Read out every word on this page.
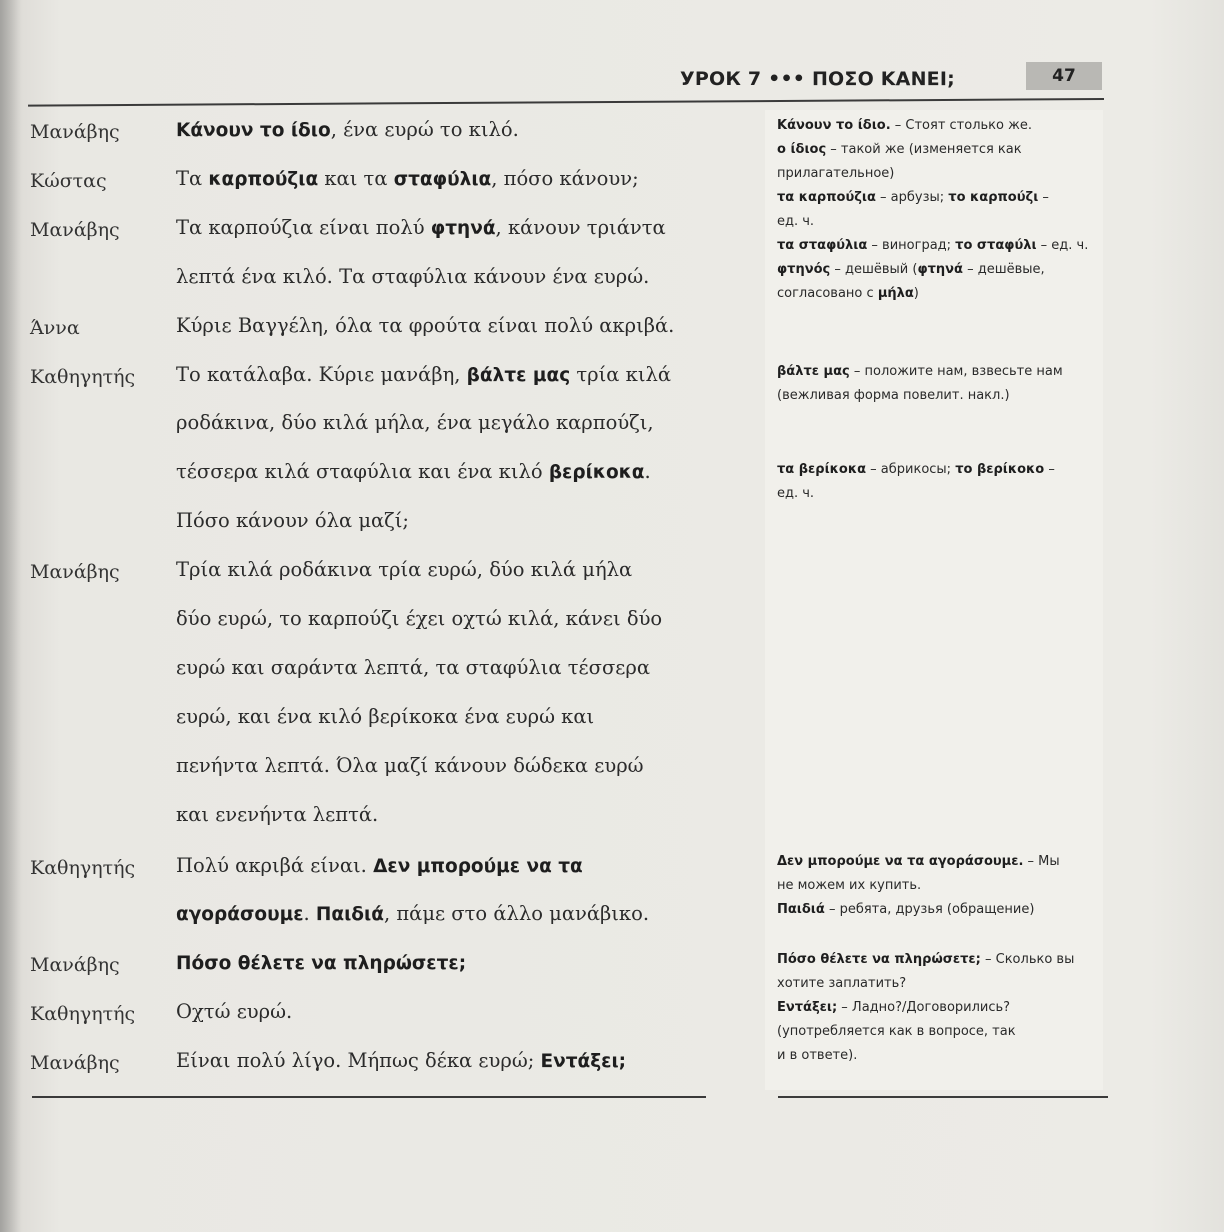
УРОК 7 ••• ΠΟΣΟ ΚΑΝΕΙ;	47
Μανάβης	Κάνουν το ίδιο, ένα ευρώ το κιλό.
Κώστας	Τα καρπούζια και τα σταφύλια, πόσο κάνουν;
Μανάβης	Τα καρπούζια είναι πολύ φτηνά, κάνουν τριάντα
λεπτά ένα κιλό. Τα σταφύλια κάνουν ένα ευρώ.
Άννα	Κύριε Βαγγέλη, όλα τα φρούτα είναι πολύ ακριβά.
Καθηγητής	Το κατάλαβα. Κύριε μανάβη, βάλτε μας τρία κιλά
ροδάκινα, δύο κιλά μήλα, ένα μεγάλο καρπούζι,
τέσσερα κιλά σταφύλια και ένα κιλό βερίκοκα.
Πόσο κάνουν όλα μαζί;
Μανάβης	Τρία κιλά ροδάκινα τρία ευρώ, δύο κιλά μήλα
δύο ευρώ, το καρπούζι έχει οχτώ κιλά, κάνει δύο
ευρώ και σαράντα λεπτά, τα σταφύλια τέσσερα
ευρώ, και ένα κιλό βερίκοκα ένα ευρώ και
πενήντα λεπτά. Όλα μαζί κάνουν δώδεκα ευρώ
και ενενήντα λεπτά.
Καθηγητής	Πολύ ακριβά είναι. Δεν μπορούμε να τα
αγοράσουμε. Παιδιά, πάμε στο άλλο μανάβικο.
Μανάβης	Πόσο θέλετε να πληρώσετε;
Καθηγητής	Οχτώ ευρώ.
Μανάβης	Είναι πολύ λίγο. Μήπως δέκα ευρώ; Εντάξει;
Κάνουν το ίδιο. – Стоят столько же.
ο ίδιος – такой же (изменяется как
прилагательное)
τα καρπούζια – арбузы; το καρπούζι –
ед. ч.
τα σταφύλια – виноград; το σταφύλι – ед. ч.
φτηνός – дешёвый (φτηνά – дешёвые,
согласовано с μήλα)
βάλτε μας – положите нам, взвесьте нам
(вежливая форма повелит. накл.)
τα βερίκοκα – абрикосы; το βερίκοκο –
ед. ч.
Δεν μπορούμε να τα αγοράσουμε. – Мы
не можем их купить.
Παιδιά – ребята, друзья (обращение)
Πόσο θέλετε να πληρώσετε; – Сколько вы
хотите заплатить?
Εντάξει; – Ладно?/Договорились?
(употребляется как в вопросе, так
и в ответе).
